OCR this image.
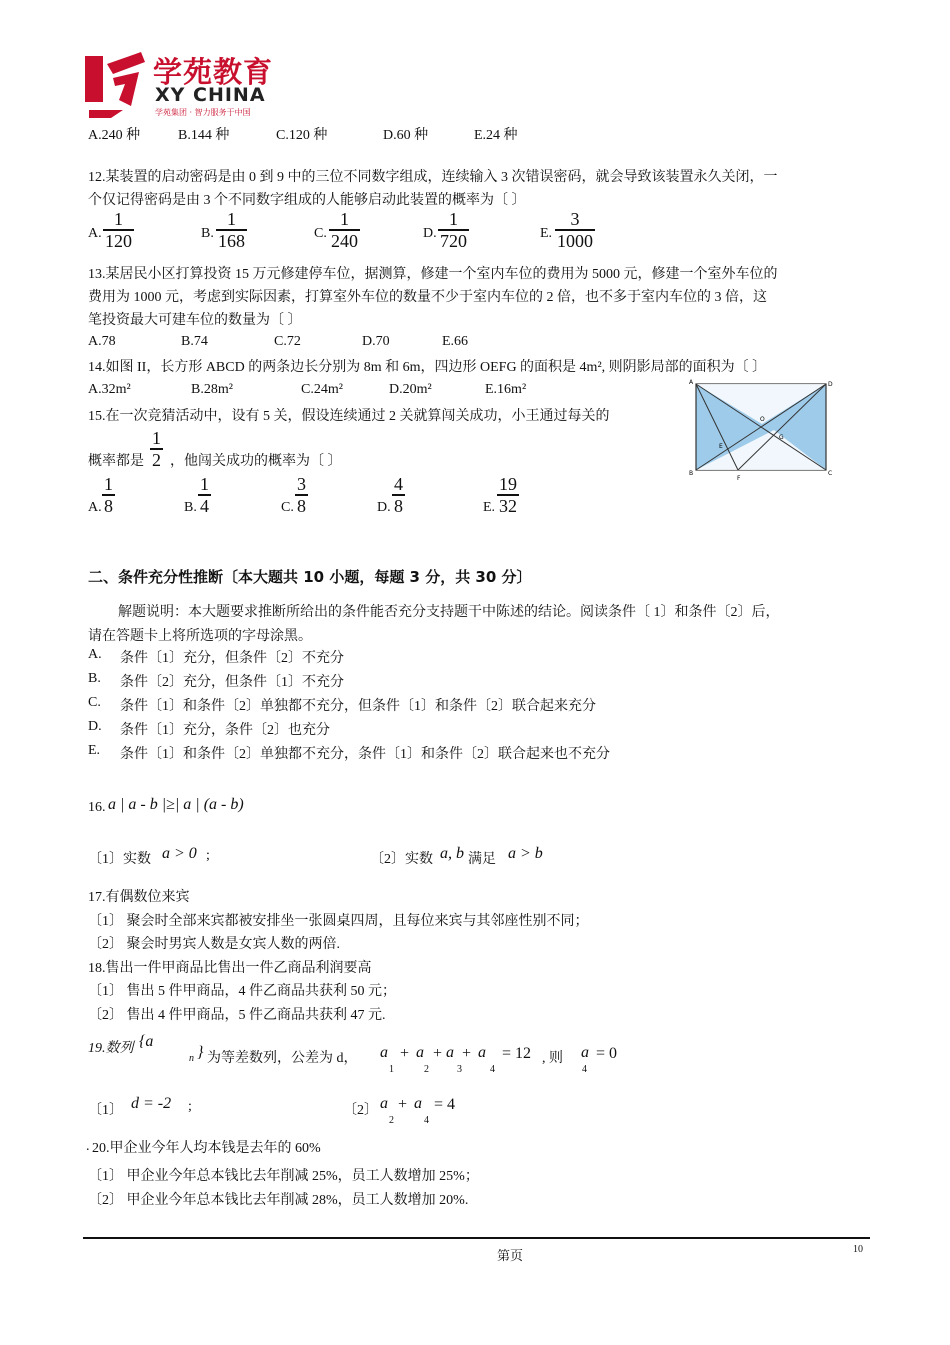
学苑教育
XY CHINA
学苑集团 · 智力服务于中国
A.240 种	B.144 种	C.120 种	D.60 种	E.24 种
12.某装置的启动密码是由 0 到 9 中的三位不同数字组成，连续输入 3 次错误密码，就会导致该装置永久关闭，一
个仅记得密码是由 3 个不同数字组成的人能够启动此装置的概率为〔 〕
A. $\frac{1}{120}$	B. $\frac{1}{168}$	C. $\frac{1}{240}$	D. $\frac{1}{720}$	E. $\frac{3}{1000}$
13.某居民小区打算投资 15 万元修建停车位，据测算，修建一个室内车位的费用为 5000 元，修建一个室外车位的
费用为 1000 元，考虑到实际因素，打算室外车位的数量不少于室内车位的 2 倍，也不多于室内车位的 3 倍，这
笔投资最大可建车位的数量为〔 〕
A.78	B.74	C.72	D.70	E.66
14.如图 II，长方形 ABCD 的两条边长分别为 8m 和 6m，四边形 OEFG 的面积是 4m², 则阴影局部的面积为〔 〕
A.32m²	B.28m²	C.24m²	D.20m²	E.16m²	A	D
O
G
E
B
F
C
15.在一次竞猜活动中，设有 5 关，假设连续通过 2 关就算闯关成功，小王通过每关的
概率都是 $\frac{1}{2}$ ，他闯关成功的概率为〔 〕
A. $\frac{1}{8}$	B. $\frac{1}{4}$	C. $\frac{3}{8}$	D. $\frac{4}{8}$	E. $\frac{19}{32}$
二、条件充分性推断〔本大题共 10 小题，每题 3 分，共 30 分〕
解题说明：本大题要求推断所给出的条件能否充分支持题干中陈述的结论。阅读条件〔 1〕和条件〔2〕后，
请在答题卡上将所选项的字母涂黑。
A. 条件〔1〕充分，但条件〔2〕不充分
B. 条件〔2〕充分，但条件〔1〕不充分
C. 条件〔1〕和条件〔2〕单独都不充分，但条件〔1〕和条件〔2〕联合起来充分
D. 条件〔1〕充分，条件〔2〕也充分
E. 条件〔1〕和条件〔2〕单独都不充分，条件〔1〕和条件〔2〕联合起来也不充分
16. a | a - b |≥| a | (a - b)
〔1〕实数 a > 0 ;	〔2〕实数 a, b 满足 a > b
17.有偶数位来宾
〔1〕 聚会时全部来宾都被安排坐一张圆桌四周，且每位来宾与其邻座性别不同；
〔2〕 聚会时男宾人数是女宾人数的两倍.
18.售出一件甲商品比售出一件乙商品利润要高
〔1〕 售出 5 件甲商品，4 件乙商品共获利 50 元；
〔2〕 售出 4 件甲商品，5 件乙商品共获利 47 元.
19.数列 {a
n } 为等差数列，公差为 d， a
1
+ a
2
+ a
3
+ a
4
= 12 , 则 a
4
= 0
〔1〕 d = -2 ;	〔2〕 a
2
+ a
4
= 4
. 20.甲企业今年人均本钱是去年的 60%
〔1〕 甲企业今年总本钱比去年削减 25%，员工人数增加 25%；
〔2〕 甲企业今年总本钱比去年削减 28%，员工人数增加 20%.
第页	10
